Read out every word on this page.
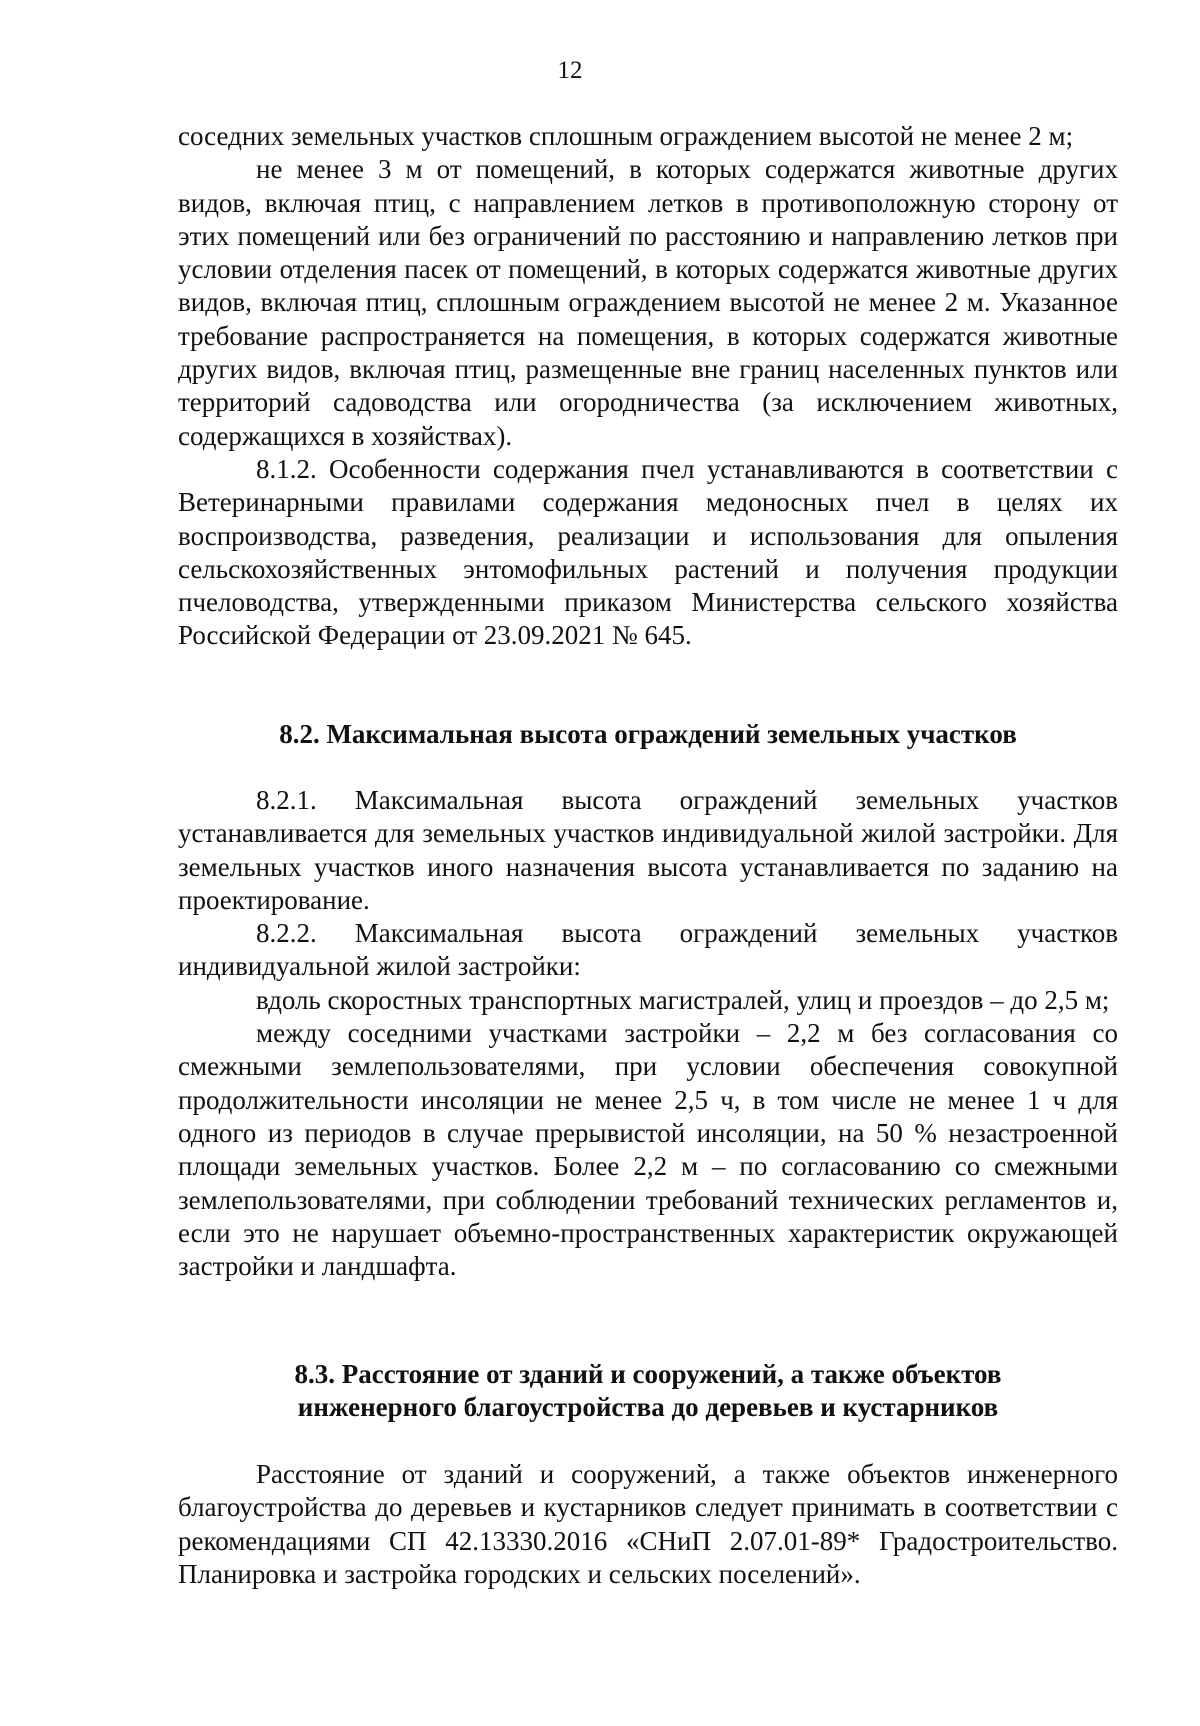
12

соседних земельных участков сплошным ограждением высотой не менее 2 м;

не менее 3 м от помещений, в которых содержатся животные других видов, включая птиц, с направлением летков в противоположную сторону от этих помещений или без ограничений по расстоянию и направлению летков при условии отделения пасек от помещений, в которых содержатся животные других видов, включая птиц, сплошным ограждением высотой не менее 2 м. Указанное требование распространяется на помещения, в которых содержатся животные других видов, включая птиц, размещенные вне границ населенных пунктов или территорий садоводства или огородничества (за исключением животных, содержащихся в хозяйствах).

8.1.2. Особенности содержания пчел устанавливаются в соответствии с Ветеринарными правилами содержания медоносных пчел в целях их воспроизводства, разведения, реализации и использования для опыления сельскохозяйственных энтомофильных растений и получения продукции пчеловодства, утвержденными приказом Министерства сельского хозяйства Российской Федерации от 23.09.2021 № 645.

8.2. Максимальная высота ограждений земельных участков

8.2.1. Максимальная высота ограждений земельных участков устанавливается для земельных участков индивидуальной жилой застройки. Для земельных участков иного назначения высота устанавливается по заданию на проектирование.

8.2.2. Максимальная высота ограждений земельных участков индивидуальной жилой застройки:

вдоль скоростных транспортных магистралей, улиц и проездов – до 2,5 м;

между соседними участками застройки – 2,2 м без согласования со смежными землепользователями, при условии обеспечения совокупной продолжительности инсоляции не менее 2,5 ч, в том числе не менее 1 ч для одного из периодов в случае прерывистой инсоляции, на 50 % незастроенной площади земельных участков. Более 2,2 м – по согласованию со смежными землепользователями, при соблюдении требований технических регламентов и, если это не нарушает объемно-пространственных характеристик окружающей застройки и ландшафта.

8.3. Расстояние от зданий и сооружений, а также объектов
инженерного благоустройства до деревьев и кустарников

Расстояние от зданий и сооружений, а также объектов инженерного благоустройства до деревьев и кустарников следует принимать в соответствии с рекомендациями СП 42.13330.2016 «СНиП 2.07.01-89* Градостроительство. Планировка и застройка городских и сельских поселений».
